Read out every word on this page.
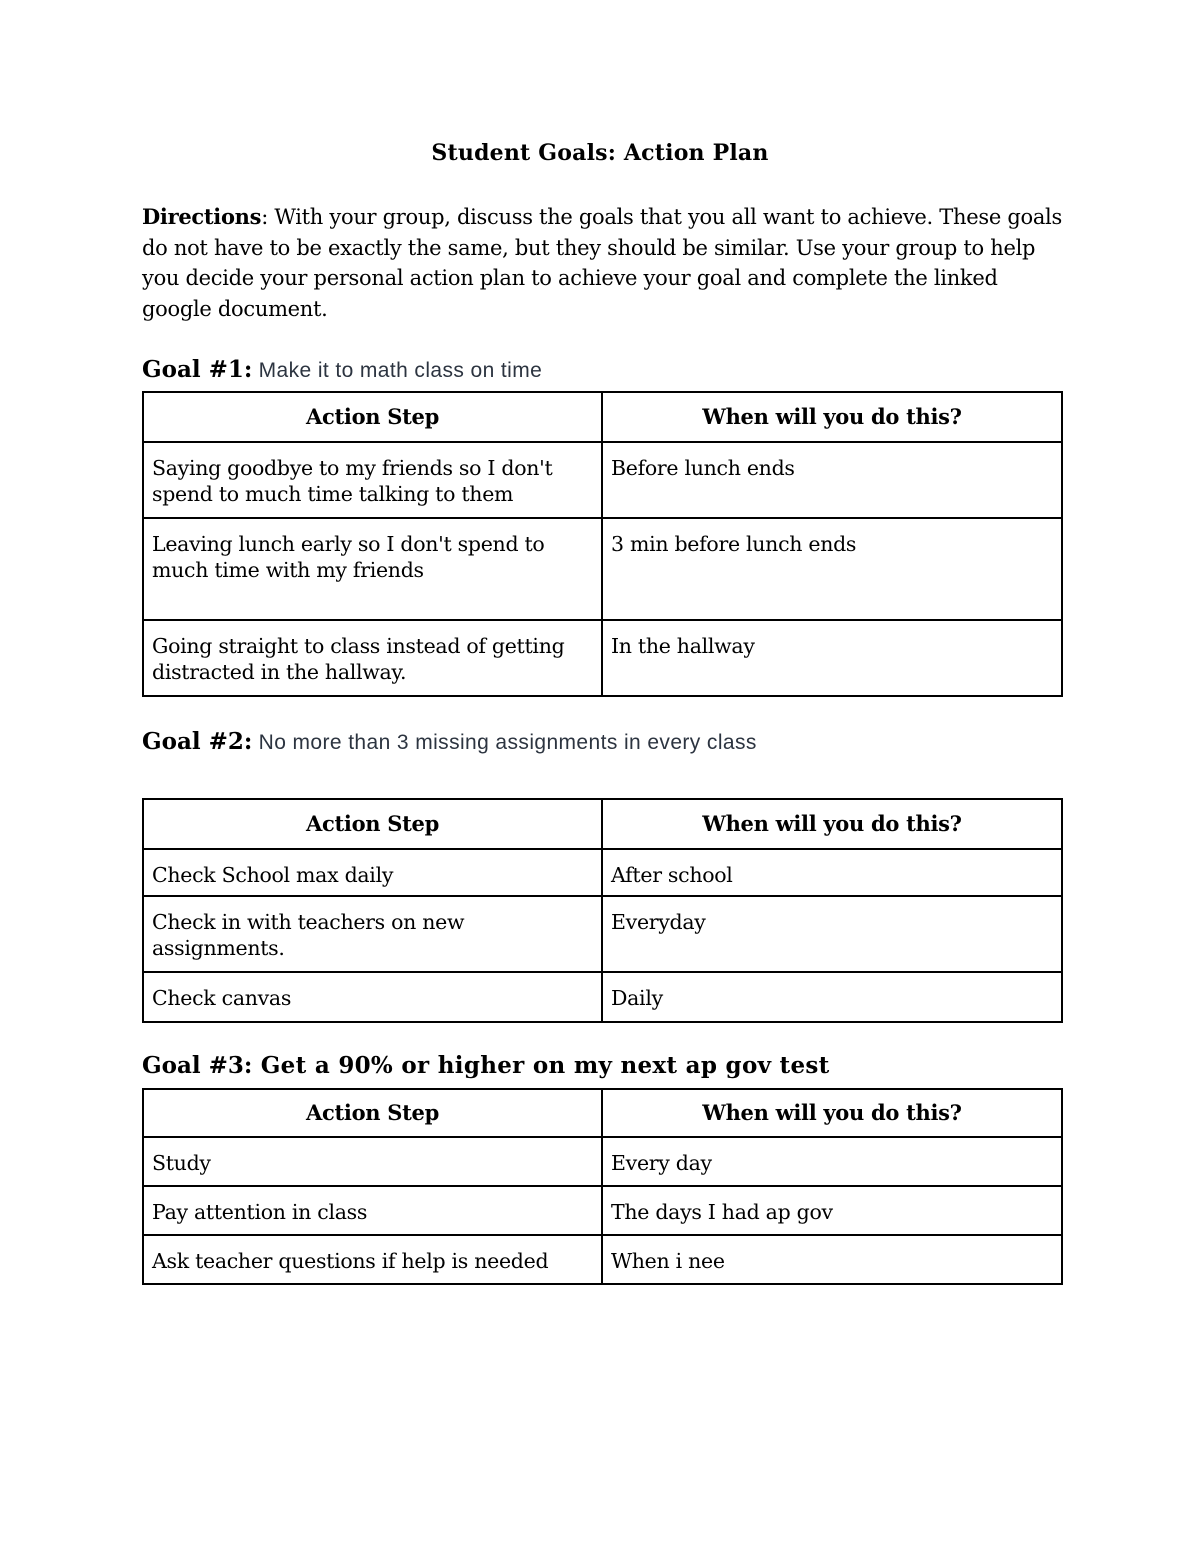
Student Goals: Action Plan
Directions: With your group, discuss the goals that you all want to achieve. These goals do not have to be exactly the same, but they should be similar. Use your group to help you decide your personal action plan to achieve your goal and complete the linked google document.
Goal #1: Make it to math class on time
Action Step	When will you do this?
Saying goodbye to my friends so I don't spend to much time talking to them	Before lunch ends
Leaving lunch early so I don't spend to much time with my friends	3 min before lunch ends
Going straight to class instead of getting distracted in the hallway.	In the hallway
Goal #2: No more than 3 missing assignments in every class
Action Step	When will you do this?
Check School max daily	After school
Check in with teachers on new assignments.	Everyday
Check canvas	Daily
Goal #3: Get a 90% or higher on my next ap gov test
Action Step	When will you do this?
Study	Every day
Pay attention in class	The days I had ap gov
Ask teacher questions if help is needed	When i nee
